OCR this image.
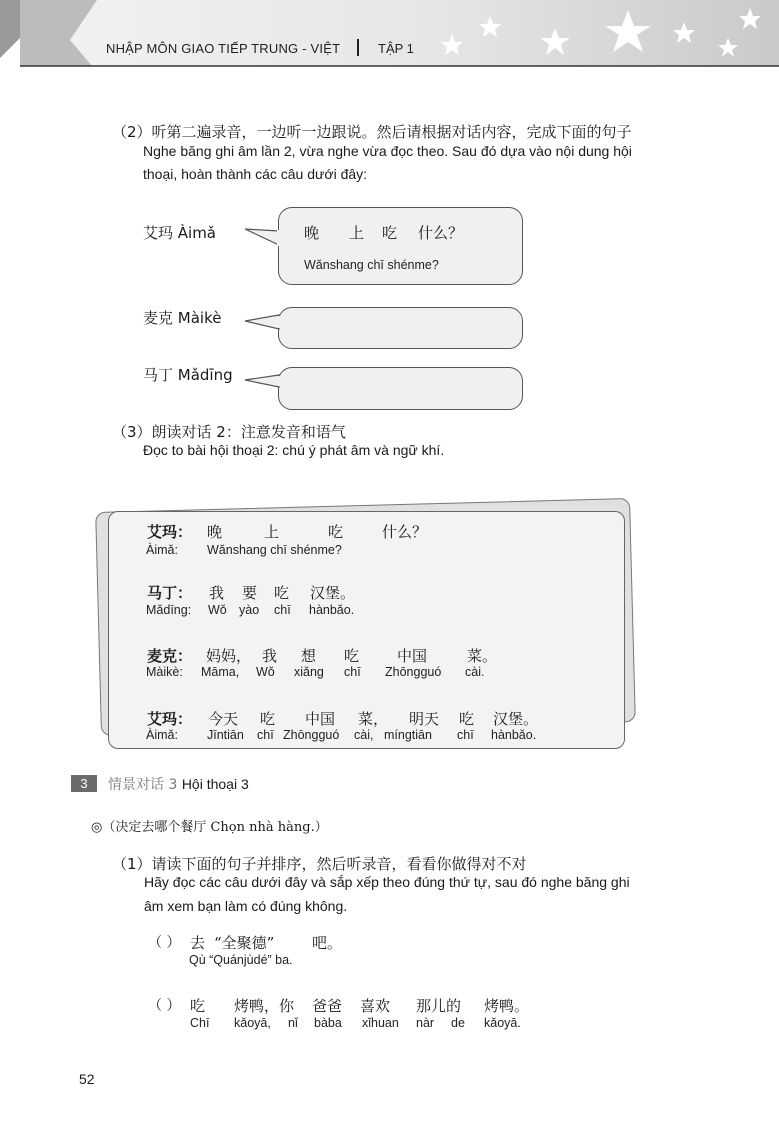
NHẬP MÔN GIAO TIẾP TRUNG - VIỆT	TẬP 1
（2）听第二遍录音，一边听一边跟说。然后请根据对话内容，完成下面的句子
Nghe băng ghi âm lần 2, vừa nghe vừa đọc theo. Sau đó dựa vào nội dung hội
thoại, hoàn thành các câu dưới đây:
艾玛 Àimǎ
麦克 Màikè
马丁 Mǎdīng
晚 上 吃 什么？
Wǎnshang chī shénme?
（3）朗读对话 2：注意发音和语气
Đọc to bài hội thoại 2: chú ý phát âm và ngữ khí.
艾玛： 晚	上	吃	什么？
Àimǎ: Wǎnshang chī shénme?
马丁： 我 要 吃 汉堡。
Mǎdīng: Wǒ yào chī hànbǎo.
麦克： 妈妈， 我 想 吃	中国	菜。
Màikè: Māma, Wǒ xiǎng chī Zhōngguó cài.
艾玛： 今天 吃 中国 菜， 明天 吃 汉堡。
Àimǎ: Jīntiān chī Zhōngguó cài, míngtiān chī hànbǎo.
3	情景对话 3 Hội thoại 3
◎（决定去哪个餐厅 Chọn nhà hàng.）
（1）请读下面的句子并排序，然后听录音，看看你做得对不对
Hãy đọc các câu dưới đây và sắp xếp theo đúng thứ tự, sau đó nghe băng ghi
âm xem bạn làm có đúng không.
（ ） 去 “全聚德”	吧。
Qù “Quánjùdé” ba.
（ ） 吃 烤鸭，你 爸爸 喜欢 那儿的 烤鸭。
Chī kǎoyā, nǐ bàba xǐhuan nàr de kǎoyā.
52
